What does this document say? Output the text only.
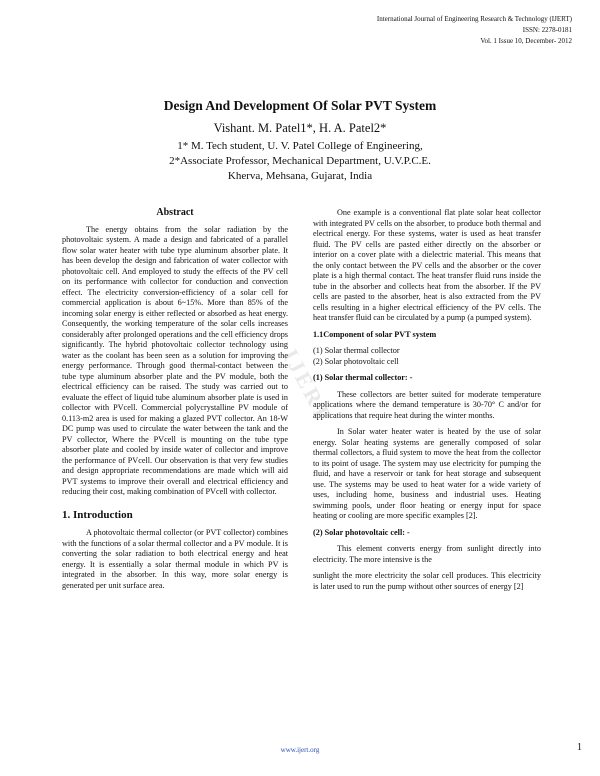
International Journal of Engineering Research & Technology (IJERT)
ISSN: 2278-0181
Vol. 1 Issue 10, December- 2012
Design And Development Of Solar PVT System
Vishant. M. Patel1*, H. A. Patel2*
1* M. Tech student, U. V. Patel College of Engineering,
2*Associate Professor, Mechanical Department, U.V.P.C.E.
Kherva, Mehsana, Gujarat, India
IJERT
Abstract

The energy obtains from the solar radiation by the photovoltaic system. A made a design and fabricated of a parallel flow solar water heater with tube type aluminum absorber plate. It has been develop the design and fabrication of water collector with photovoltaic cell. And employed to study the effects of the PV cell on its performance with collector for conduction and convection effect. The electricity conversion-efficiency of a solar cell for commercial application is about 6~15%. More than 85% of the incoming solar energy is either reflected or absorbed as heat energy. Consequently, the working temperature of the solar cells increases considerably after prolonged operations and the cell efficiency drops significantly. The hybrid photovoltaic collector technology using water as the coolant has been seen as a solution for improving the energy performance. Through good thermal-contact between the tube type aluminum absorber plate and the PV module, both the electrical efficiency can be raised. The study was carried out to evaluate the effect of liquid tube aluminum absorber plate is used in collector with PVcell. Commercial polycrystalline PV module of 0.113-m2 area is used for making a glazed PVT collector. An 18-W DC pump was used to circulate the water between the tank and the PV collector, Where the PVcell is mounting on the tube type absorber plate and cooled by inside water of collector and improve the performance of PVcell. Our observation is that very few studies and design appropriate recommendations are made which will aid PVT systems to improve their overall and electrical efficiency and reducing their cost, making combination of PVcell with collector.

1. Introduction

A photovoltaic thermal collector (or PVT collector) combines with the functions of a solar thermal collector and a PV module. It is converting the solar radiation to both electrical energy and heat energy. It is essentially a solar thermal module in which PV is integrated in the absorber. In this way, more solar energy is generated per unit surface area.

One example is a conventional flat plate solar heat collector with integrated PV cells on the absorber, to produce both thermal and electrical energy. For these systems, water is used as heat transfer fluid. The PV cells are pasted either directly on the absorber or interior on a cover plate with a dielectric material. This means that the only contact between the PV cells and the absorber or the cover plate is a high thermal contact. The heat transfer fluid runs inside the tube in the absorber and collects heat from the absorber. If the PV cells are pasted to the absorber, heat is also extracted from the PV cells resulting in a higher electrical efficiency of the PV cells. The heat transfer fluid can be circulated by a pump (a pumped system).

1.1Component of solar PVT system

(1) Solar thermal collector

(2) Solar photovoltaic cell

(1) Solar thermal collector: -

These collectors are better suited for moderate temperature applications where the demand temperature is 30-70° C and/or for applications that require heat during the winter months.

In Solar water heater water is heated by the use of solar energy. Solar heating systems are generally composed of solar thermal collectors, a fluid system to move the heat from the collector to its point of usage. The system may use electricity for pumping the fluid, and have a reservoir or tank for heat storage and subsequent use. The systems may be used to heat water for a wide variety of uses, including home, business and industrial uses. Heating swimming pools, under floor heating or energy input for space heating or cooling are more specific examples [2].

(2) Solar photovoltaic cell: -

This element converts energy from sunlight directly into electricity. The more intensive is the

sunlight the more electricity the solar cell produces. This electricity is later used to run the pump without other sources of energy [2]

www.ijert.org	1
